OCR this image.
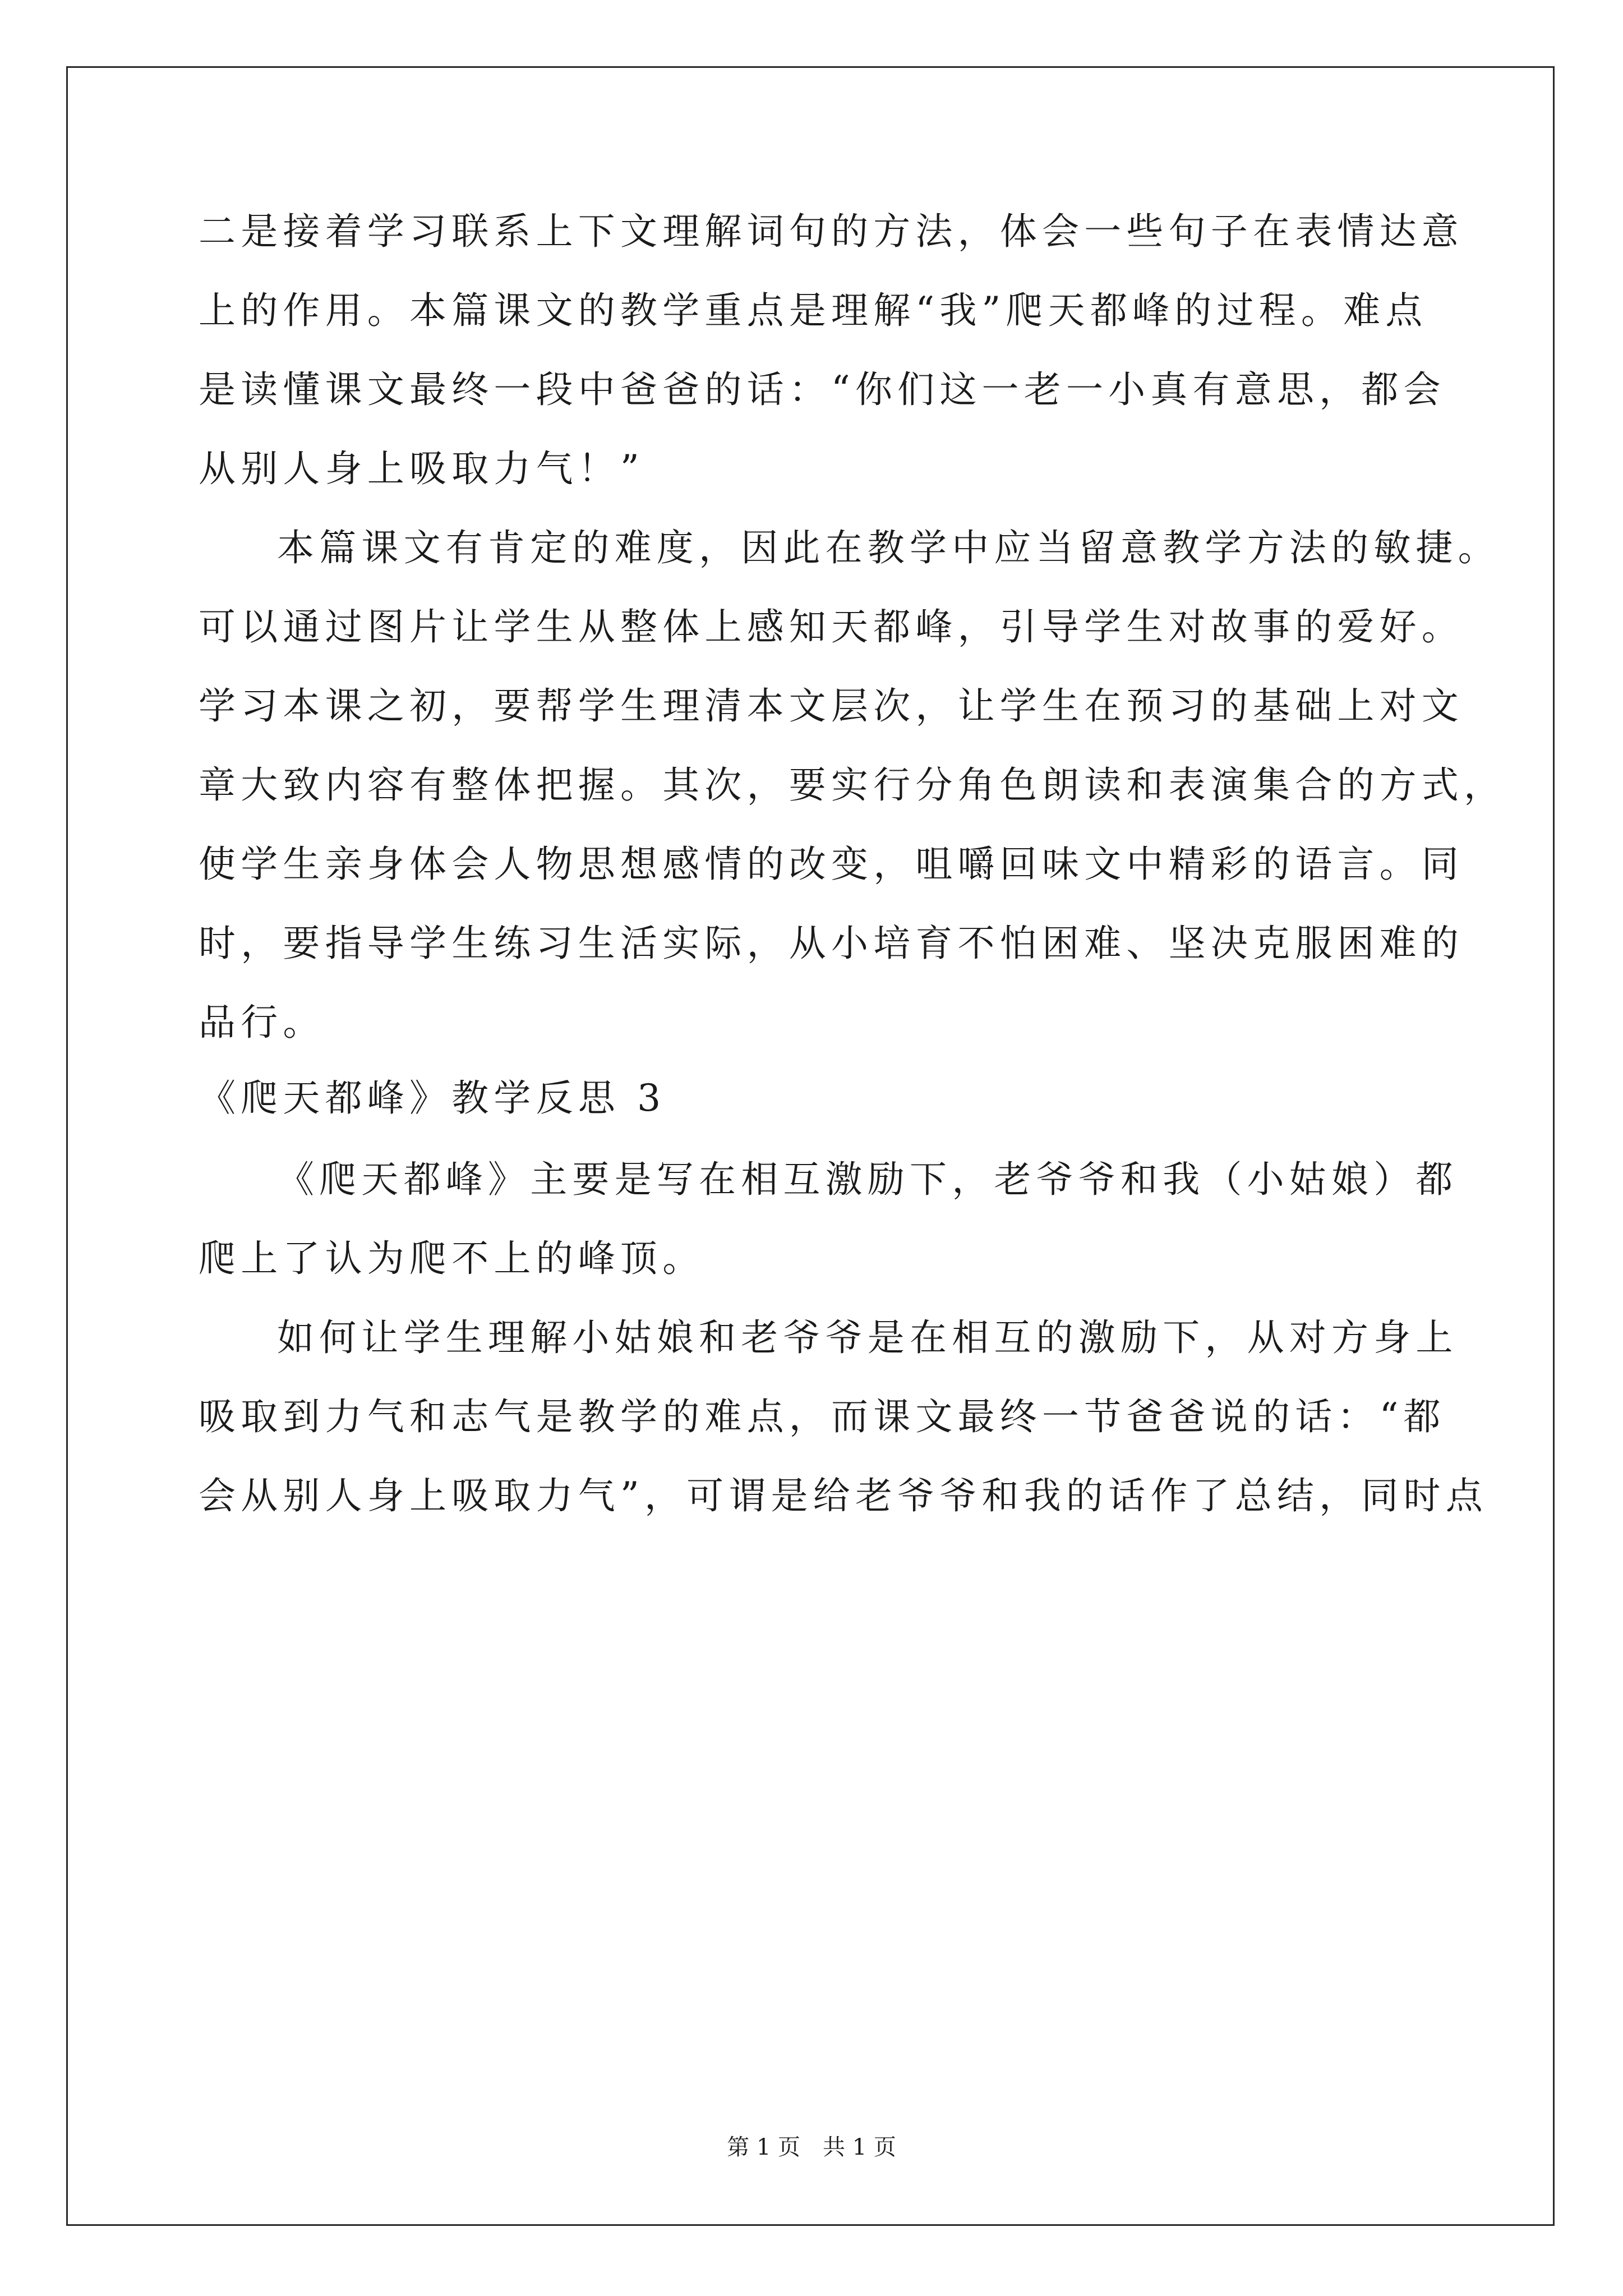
二是接着学习联系上下文理解词句的方法，体会一些句子在表情达意
上的作用。本篇课文的教学重点是理解“我”爬天都峰的过程。难点
是读懂课文最终一段中爸爸的话：“你们这一老一小真有意思，都会
从别人身上吸取力气！”
本篇课文有肯定的难度，因此在教学中应当留意教学方法的敏捷。
可以通过图片让学生从整体上感知天都峰，引导学生对故事的爱好。
学习本课之初，要帮学生理清本文层次，让学生在预习的基础上对文
章大致内容有整体把握。其次，要实行分角色朗读和表演集合的方式，
使学生亲身体会人物思想感情的改变，咀嚼回味文中精彩的语言。同
时，要指导学生练习生活实际，从小培育不怕困难、坚决克服困难的
品行。
《爬天都峰》教学反思 3
《爬天都峰》主要是写在相互激励下，老爷爷和我（小姑娘）都
爬上了认为爬不上的峰顶。
如何让学生理解小姑娘和老爷爷是在相互的激励下，从对方身上
吸取到力气和志气是教学的难点，而课文最终一节爸爸说的话：“都
会从别人身上吸取力气”，可谓是给老爷爷和我的话作了总结，同时点
第 1 页　共 1 页
